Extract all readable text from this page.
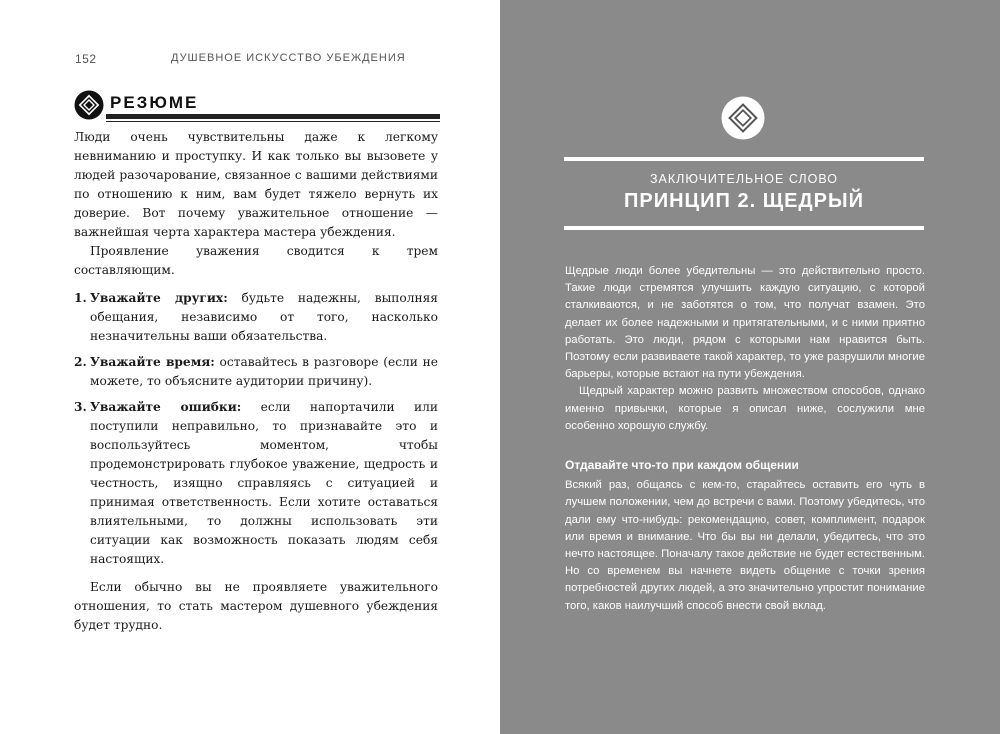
152	ДУШЕВНОЕ ИСКУССТВО УБЕЖДЕНИЯ
РЕЗЮМЕ

Люди очень чувствительны даже к легкому невниманию и проступку. И как только вы вызовете у людей разочарование, связанное с вашими действиями по отношению к ним, вам будет тяжело вернуть их доверие. Вот почему уважительное отношение — важнейшая черта характера мастера убеждения.

Проявление уважения сводится к трем составляющим.

1. Уважайте других: будьте надежны, выполняя обещания, независимо от того, насколько незначительны ваши обязательства.
2. Уважайте время: оставайтесь в разговоре (если не можете, то объясните аудитории причину).
3. Уважайте ошибки: если напортачили или поступили неправильно, то признавайте это и воспользуйтесь моментом, чтобы продемонстрировать глубокое уважение, щедрость и честность, изящно справляясь с ситуацией и принимая ответственность. Если хотите оставаться влиятельными, то должны использовать эти ситуации как возможность показать людям себя настоящих.

Если обычно вы не проявляете уважительного отношения, то стать мастером душевного убеждения будет трудно.

ЗАКЛЮЧИТЕЛЬНОЕ СЛОВО
ПРИНЦИП 2. ЩЕДРЫЙ

Щедрые люди более убедительны — это действительно просто. Такие люди стремятся улучшить каждую ситуацию, с которой сталкиваются, и не заботятся о том, что получат взамен. Это делает их более надежными и притягательными, и с ними приятно работать. Это люди, рядом с которыми нам нравится быть. Поэтому если развиваете такой характер, то уже разрушили многие барьеры, которые встают на пути убеждения.

Щедрый характер можно развить множеством способов, однако именно привычки, которые я описал ниже, сослужили мне особенно хорошую службу.

Отдавайте что-то при каждом общении

Всякий раз, общаясь с кем-то, старайтесь оставить его чуть в лучшем положении, чем до встречи с вами. Поэтому убедитесь, что дали ему что-нибудь: рекомендацию, совет, комплимент, подарок или время и внимание. Что бы вы ни делали, убедитесь, что это нечто настоящее. Поначалу такое действие не будет естественным. Но со временем вы начнете видеть общение с точки зрения потребностей других людей, а это значительно упростит понимание того, каков наилучший способ внести свой вклад.
